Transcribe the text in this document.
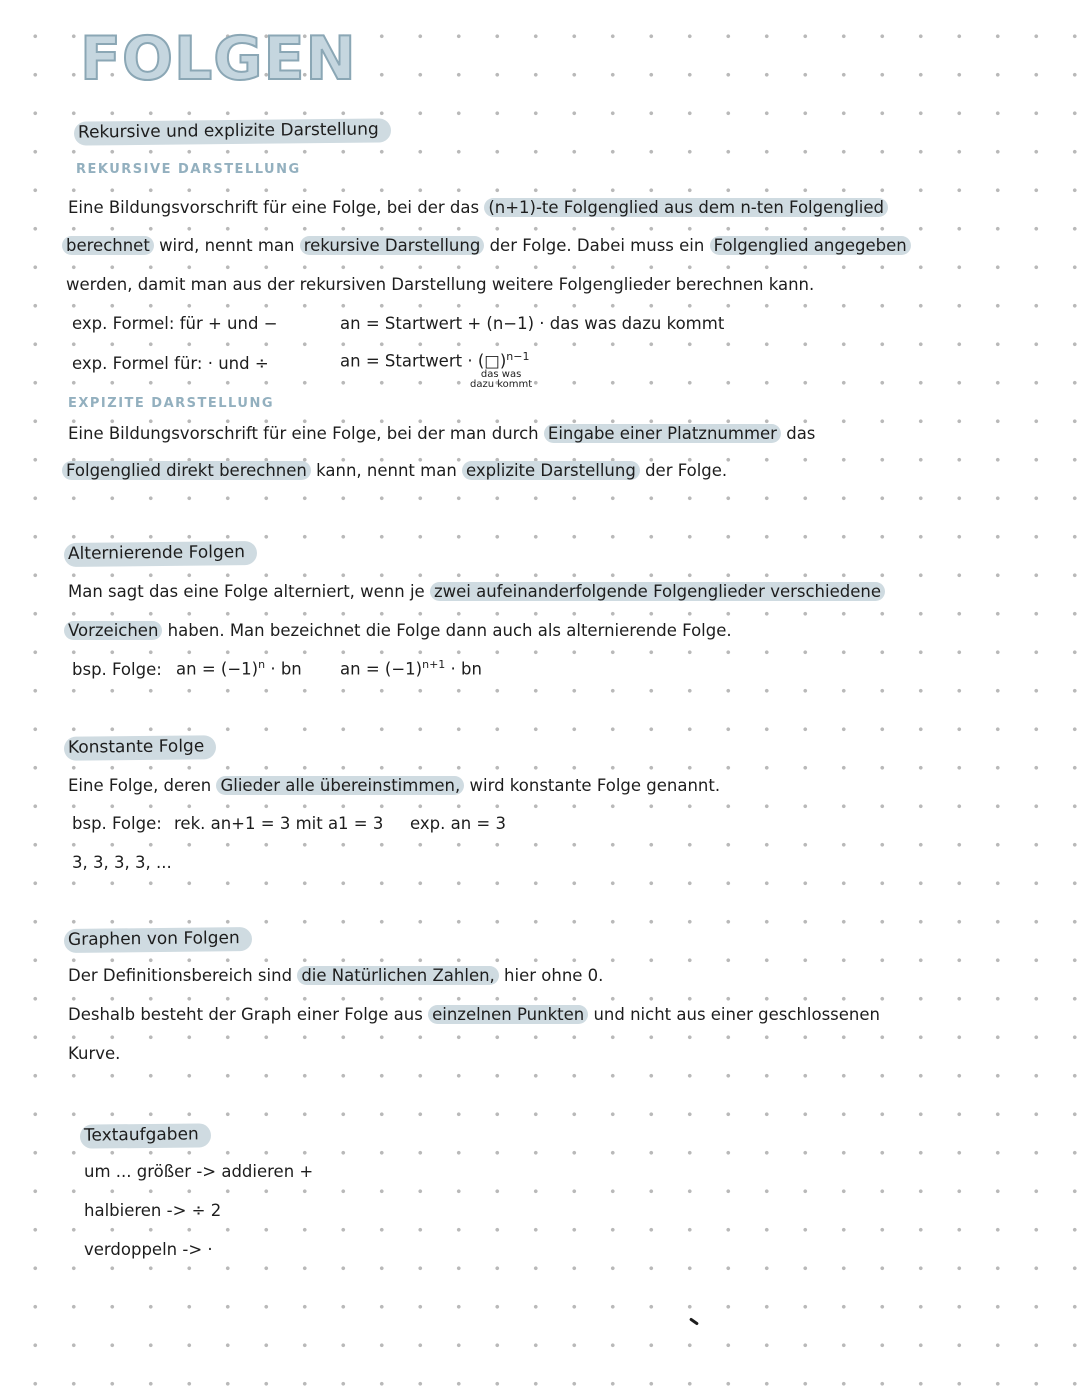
FOLGEN
Rekursive und explizite Darstellung
REKURSIVE DARSTELLUNG
Eine Bildungsvorschrift für eine Folge, bei der das (n+1)-te Folgenglied aus dem n-ten Folgenglied
berechnet wird, nennt man rekursive Darstellung der Folge. Dabei muss ein Folgenglied angegeben
werden, damit man aus der rekursiven Darstellung weitere Folgenglieder berechnen kann.
exp. Formel: für + und −	an = Startwert + (n−1) · das was dazu kommt
exp. Formel für: · und ÷	an = Startwert · (□)$^{n-1}$
das was
dazu kommt
EXPIZITE DARSTELLUNG
Eine Bildungsvorschrift für eine Folge, bei der man durch Eingabe einer Platznummer das
Folgenglied direkt berechnen kann, nennt man explizite Darstellung der Folge.
Alternierende Folgen
Man sagt das eine Folge alterniert, wenn je zwei aufeinanderfolgende Folgenglieder verschiedene
Vorzeichen haben. Man bezeichnet die Folge dann auch als alternierende Folge.
bsp. Folge: an = $(-1)^n$ · bn an = $(-1)^{n+1}$ · bn
Konstante Folge
Eine Folge, deren Glieder alle übereinstimmen, wird konstante Folge genannt.
bsp. Folge: rek. an+1 = 3 mit a1 = 3 exp. an = 3
3, 3, 3, 3, ...
Graphen von Folgen
Der Definitionsbereich sind die Natürlichen Zahlen, hier ohne 0.
Deshalb besteht der Graph einer Folge aus einzelnen Punkten und nicht aus einer geschlossenen
Kurve.
Textaufgaben
um ... größer -> addieren +
halbieren -> ÷ 2
verdoppeln -> ·
